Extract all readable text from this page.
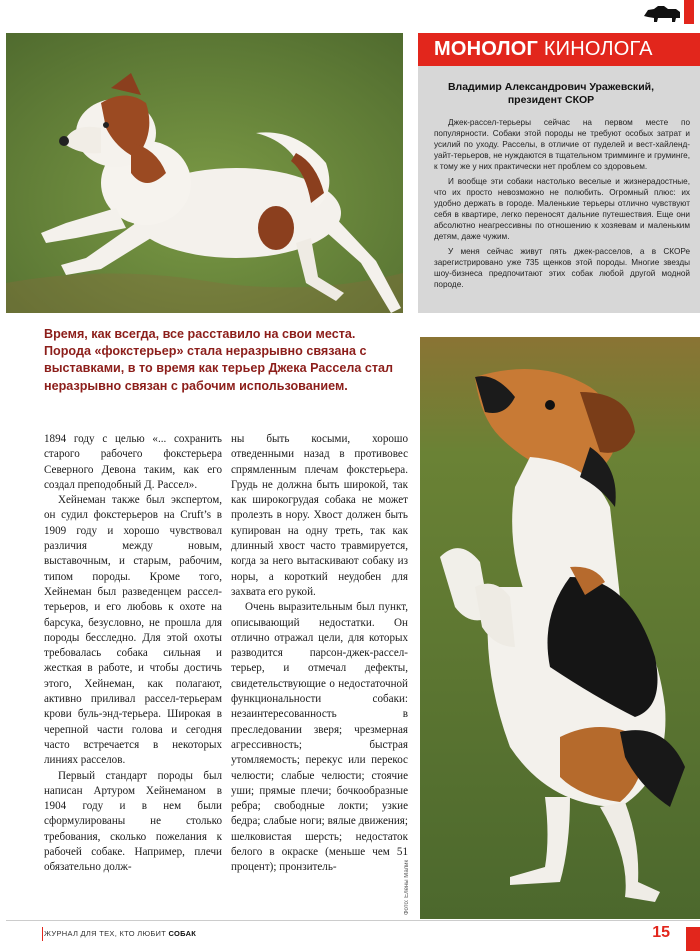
МОНОЛОГ КИНОЛОГА
Владимир Александрович Уражевский,
президент СКОР

Джек-рассел-терьеры сейчас на первом месте по популярности. Собаки этой породы не требуют особых затрат и усилий по уходу. Расселы, в отличие от пуделей и вест-хайленд-уайт-терьеров, не нуждаются в тщательном тримминге и груминге, к тому же у них практически нет проблем со здоровьем.

И вообще эти собаки настолько веселые и жизнерадостные, что их просто невозможно не полюбить. Огромный плюс: их удобно держать в городе. Маленькие терьеры отлично чувствуют себя в квартире, легко переносят дальние путешествия. Еще они абсолютно неагрессивны по отношению к хозяевам и маленьким детям, даже чужим.

У меня сейчас живут пять джек-расселов, а в СКОРе зарегистрировано уже 735 щенков этой породы. Многие звезды шоу-бизнеса предпочитают этих собак любой другой модной породе.

Время, как всегда, все расставило на свои места. Порода «фокстерьер» стала неразрывно связана с выставками, в то время как терьер Джека Рассела стал неразрывно связан с рабочим использованием.

1894 году с целью «... сохранить старого рабочего фокстерьера Северного Девона таким, как его создал преподобный Д. Рассел».

Хейнеман также был экспертом, он судил фокстерьеров на Cruft’s в 1909 году и хорошо чувствовал различия между новым, выставочным, и старым, рабочим, типом породы. Кроме того, Хейнеман был разведенцем рассел-терьеров, и его любовь к охоте на барсука, безусловно, не прошла для породы бесследно. Для этой охоты требовалась собака сильная и жесткая в работе, и чтобы достичь этого, Хейнеман, как полагают, активно приливал рассел-терьерам крови буль-энд-терьера. Широкая в черепной части головa и сегодня часто встречается в некоторых линиях расселов.

Первый стандарт породы был написан Артуром Хейнеманом в 1904 году и в нем были сформулированы не столько требования, сколько пожелания к рабочей собаке. Например, плечи обязательно долж-

ны быть косыми, хорошо отведенными назад в противовес спрямленным плечам фокстерьера. Грудь не должна быть широкой, так как широкогрудая собака не может пролезть в нору. Хвост должен быть купирован на одну треть, так как длинный хвост часто травмируется, когда за него вытаскивают собаку из норы, а короткий неудобен для захвата его рукой.

Очень выразительным был пункт, описывающий недостатки. Он отлично отражал цели, для которых разводится парсон-джек-рассел-терьер, и отмечал дефекты, свидетельствующие о недостаточной функциональности собаки: незаинтересованность в преследовании зверя; чрезмерная агрессивность; быстрая утомляемость; перекус или перекос челюсти; слабые челюсти; стоячие уши; прямые плечи; бочкообразные ребра; свободные локти; узкие бедра; слабые ноги; вялые движения; шелковистая шерсть; недостаток белого в окраске (меньше чем 51 процент); пронзитель-	Фото: Елены Малик
ЖУРНАЛ ДЛЯ ТЕХ, КТО ЛЮБИТ СОБАК	15
